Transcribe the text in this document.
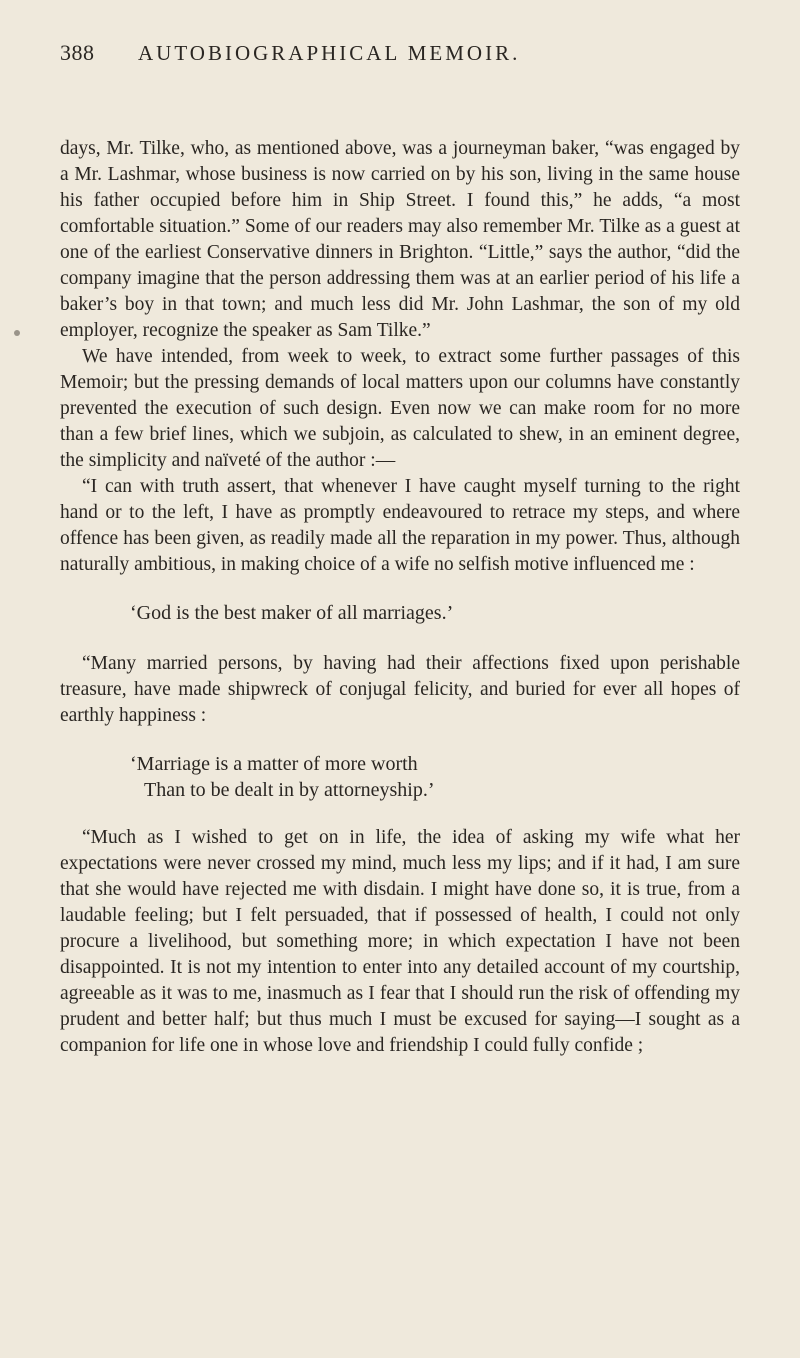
388	AUTOBIOGRAPHICAL MEMOIR.

days, Mr. Tilke, who, as mentioned above, was a journeyman baker, “was engaged by a Mr. Lashmar, whose business is now carried on by his son, living in the same house his father occupied before him in Ship Street. I found this,” he adds, “a most comfortable situation.” Some of our readers may also remember Mr. Tilke as a guest at one of the earliest Conservative dinners in Brighton. “Little,” says the author, “did the company imagine that the person addressing them was at an earlier period of his life a baker’s boy in that town; and much less did Mr. John Lashmar, the son of my old employer, recognize the speaker as Sam Tilke.”

We have intended, from week to week, to extract some further passages of this Memoir; but the pressing demands of local matters upon our columns have constantly prevented the execution of such design. Even now we can make room for no more than a few brief lines, which we subjoin, as calculated to shew, in an eminent degree, the simplicity and naïveté of the author :—

“I can with truth assert, that whenever I have caught myself turning to the right hand or to the left, I have as promptly endeavoured to retrace my steps, and where offence has been given, as readily made all the reparation in my power. Thus, although naturally ambitious, in making choice of a wife no selfish motive influenced me :

‘God is the best maker of all marriages.’

“Many married persons, by having had their affections fixed upon perishable treasure, have made shipwreck of conjugal felicity, and buried for ever all hopes of earthly happiness :

‘Marriage is a matter of more worth
Than to be dealt in by attorneyship.’

“Much as I wished to get on in life, the idea of asking my wife what her expectations were never crossed my mind, much less my lips; and if it had, I am sure that she would have rejected me with disdain. I might have done so, it is true, from a laudable feeling; but I felt persuaded, that if possessed of health, I could not only procure a livelihood, but something more; in which expectation I have not been disappointed. It is not my intention to enter into any detailed account of my courtship, agreeable as it was to me, inasmuch as I fear that I should run the risk of offending my prudent and better half; but thus much I must be excused for saying—I sought as a companion for life one in whose love and friendship I could fully confide ;
